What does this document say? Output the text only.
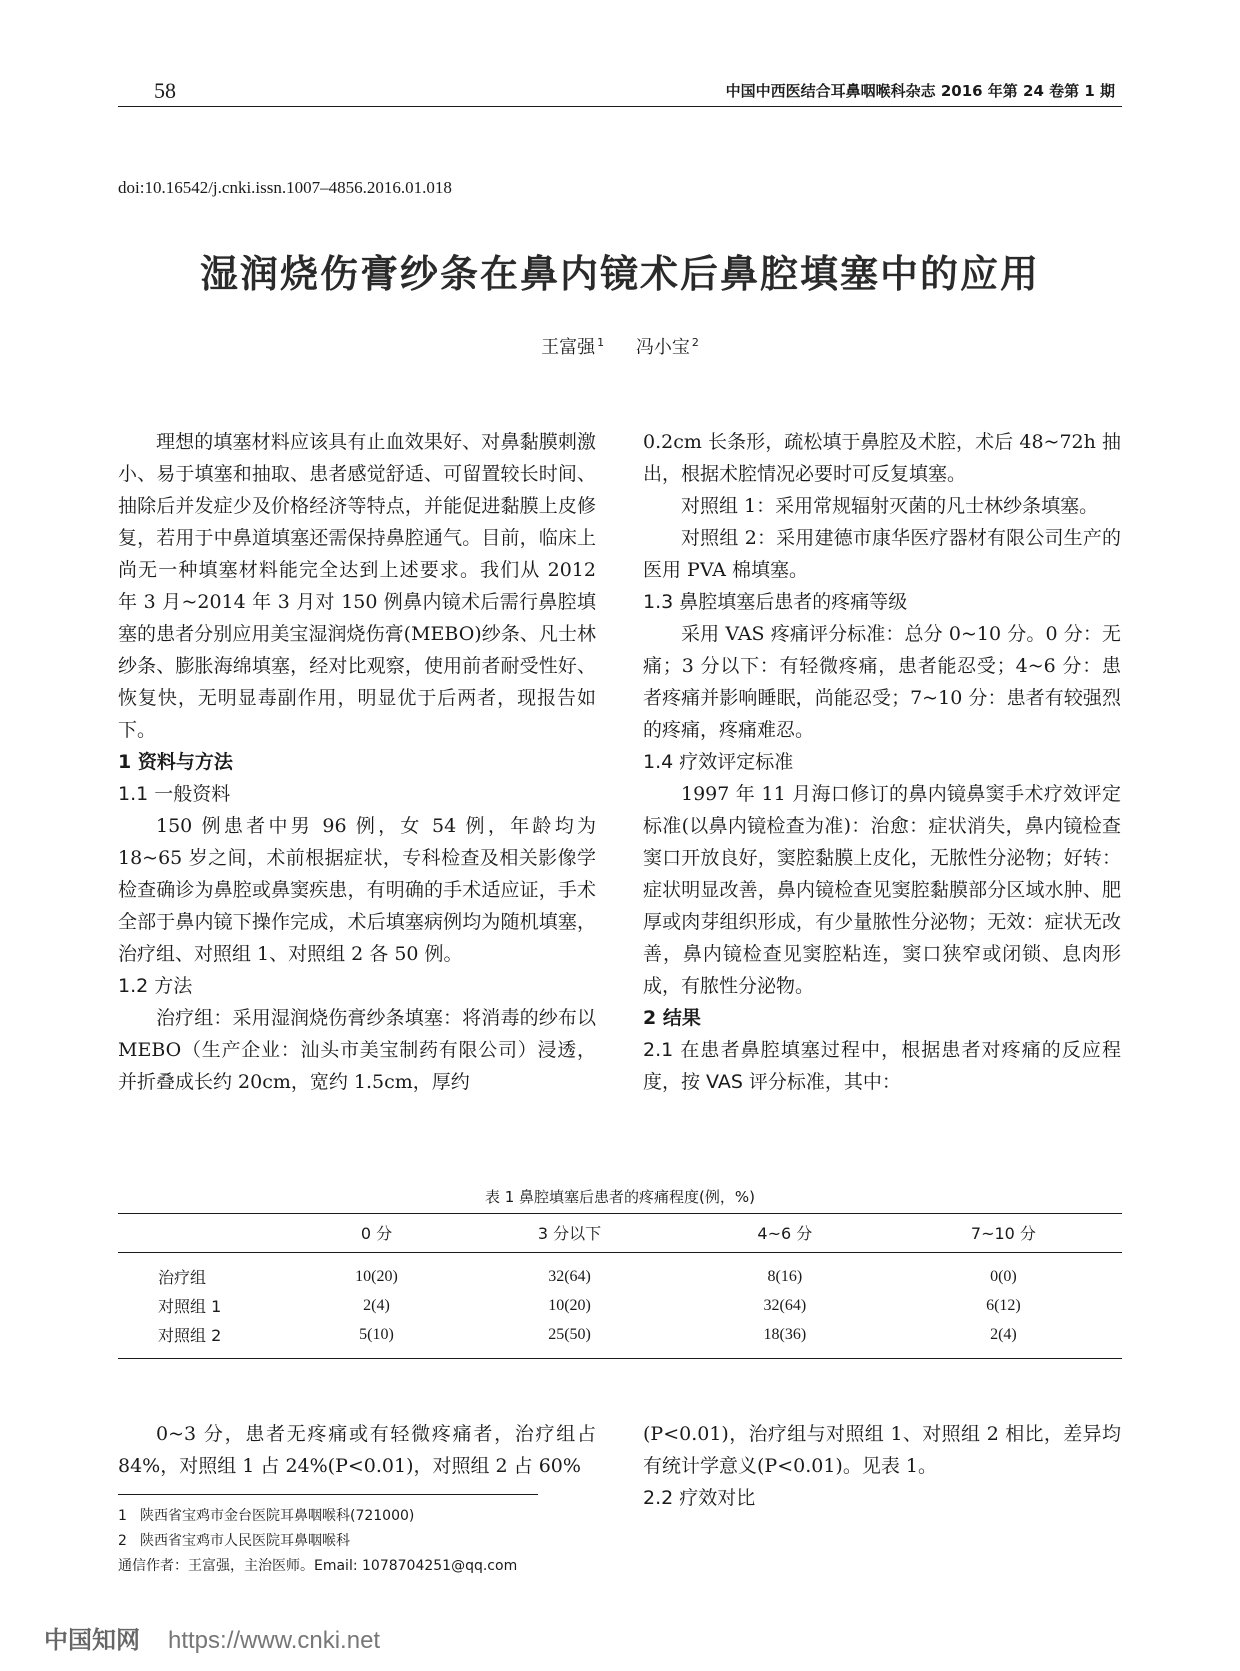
58	中国中西医结合耳鼻咽喉科杂志 2016 年第 24 卷第 1 期
doi:10.16542/j.cnki.issn.1007–4856.2016.01.018
湿润烧伤膏纱条在鼻内镜术后鼻腔填塞中的应用
王富强 $^1$ 冯小宝 $^2$

理想的填塞材料应该具有止血效果好、对鼻黏膜刺激小、易于填塞和抽取、患者感觉舒适、可留置较长时间、抽除后并发症少及价格经济等特点，并能促进黏膜上皮修复，若用于中鼻道填塞还需保持鼻腔通气。目前，临床上尚无一种填塞材料能完全达到上述要求。我们从 2012 年 3 月~2014 年 3 月对 150 例鼻内镜术后需行鼻腔填塞的患者分别应用美宝湿润烧伤膏(MEBO)纱条、凡士林纱条、膨胀海绵填塞，经对比观察，使用前者耐受性好、恢复快，无明显毒副作用，明显优于后两者，现报告如下。

1 资料与方法
1.1 一般资料

150 例患者中男 96 例，女 54 例，年龄均为 18~65 岁之间，术前根据症状，专科检查及相关影像学检查确诊为鼻腔或鼻窦疾患，有明确的手术适应证，手术全部于鼻内镜下操作完成，术后填塞病例均为随机填塞，治疗组、对照组 1、对照组 2 各 50 例。

1.2 方法

治疗组：采用湿润烧伤膏纱条填塞：将消毒的纱布以 MEBO（生产企业：汕头市美宝制药有限公司）浸透，并折叠成长约 20cm，宽约 1.5cm，厚约

0.2cm 长条形，疏松填于鼻腔及术腔，术后 48~72h 抽出，根据术腔情况必要时可反复填塞。

对照组 1：采用常规辐射灭菌的凡士林纱条填塞。

对照组 2：采用建德市康华医疗器材有限公司生产的医用 PVA 棉填塞。

1.3 鼻腔填塞后患者的疼痛等级

采用 VAS 疼痛评分标准：总分 0~10 分。0 分：无痛；3 分以下：有轻微疼痛，患者能忍受；4~6 分：患者疼痛并影响睡眠，尚能忍受；7~10 分：患者有较强烈的疼痛，疼痛难忍。

1.4 疗效评定标准

1997 年 11 月海口修订的鼻内镜鼻窦手术疗效评定标准(以鼻内镜检查为准)：治愈：症状消失，鼻内镜检查窦口开放良好，窦腔黏膜上皮化，无脓性分泌物；好转：症状明显改善，鼻内镜检查见窦腔黏膜部分区域水肿、肥厚或肉芽组织形成，有少量脓性分泌物；无效：症状无改善，鼻内镜检查见窦腔粘连，窦口狭窄或闭锁、息肉形成，有脓性分泌物。

2 结果
2.1 在患者鼻腔填塞过程中，根据患者对疼痛的反应程度，按 VAS 评分标准，其中：
表 1 鼻腔填塞后患者的疼痛程度(例，%)
	0 分	3 分以下	4~6 分	7~10 分
治疗组	10(20)	32(64)	8(16)	0(0)
对照组 1	2(4)	10(20)	32(64)	6(12)
对照组 2	5(10)	25(50)	18(36)	2(4)

0~3 分，患者无疼痛或有轻微疼痛者，治疗组占 84%，对照组 1 占 24%(P<0.01)，对照组 2 占 60%

(P<0.01)，治疗组与对照组 1、对照组 2 相比，差异均有统计学意义(P<0.01)。见表 1。

2.2 疗效对比
1 陕西省宝鸡市金台医院耳鼻咽喉科(721000)
2 陕西省宝鸡市人民医院耳鼻咽喉科
通信作者：王富强，主治医师。Email: 1078704251@qq.com
中国知网 https://www.cnki.net
